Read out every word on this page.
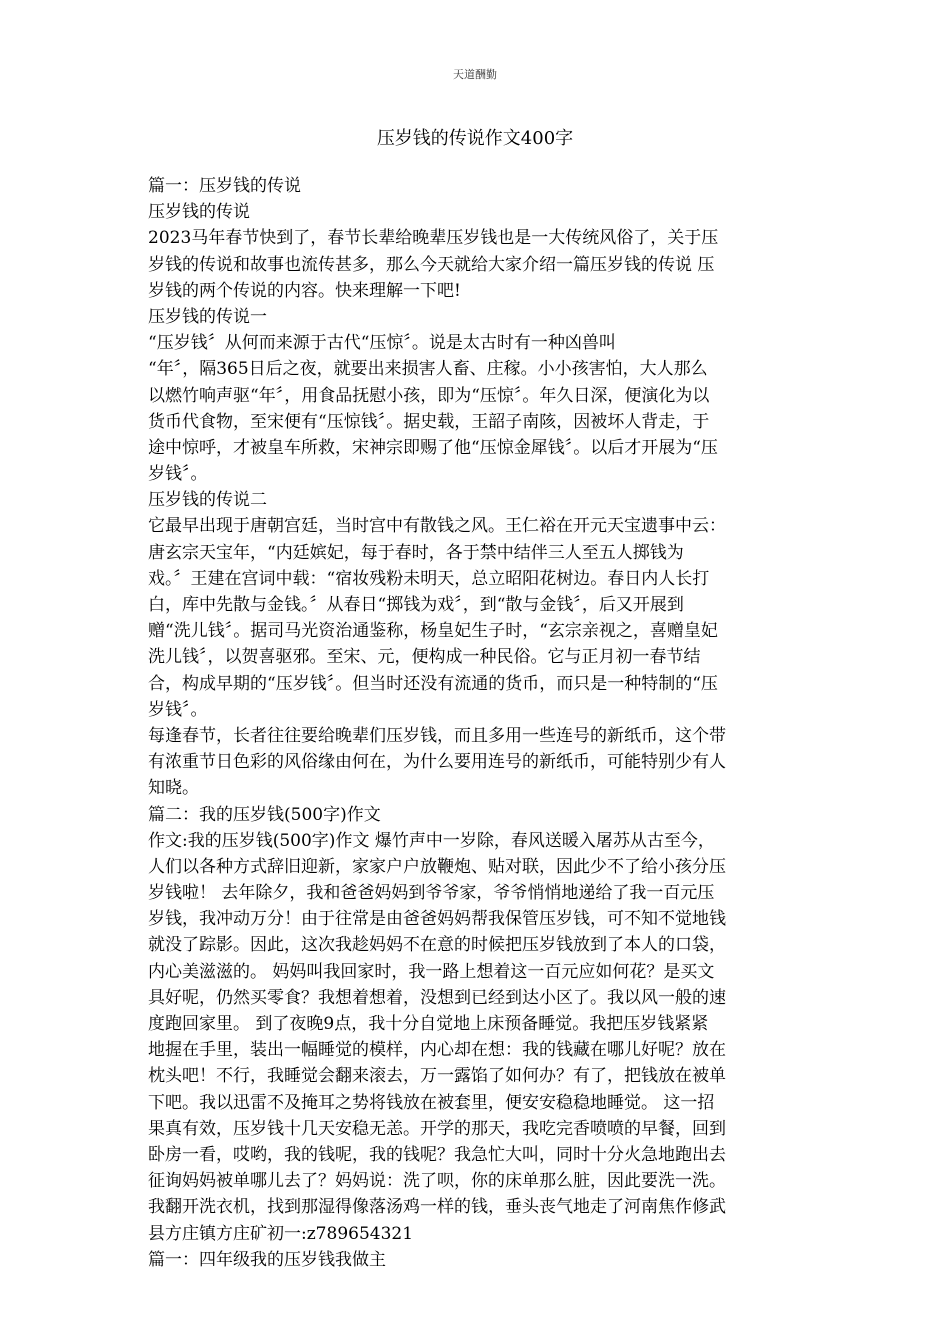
天道酬勤
压岁钱的传说作文400字
篇一：压岁钱的传说
压岁钱的传说
2023马年春节快到了，春节长辈给晚辈压岁钱也是一大传统风俗了，关于压
岁钱的传说和故事也流传甚多，那么今天就给大家介绍一篇压岁钱的传说 压
岁钱的两个传说的内容。快来理解一下吧!
压岁钱的传说一
“压岁钱〞从何而来源于古代“压惊〞。说是太古时有一种凶兽叫
“年〞，隔365日后之夜，就要出来损害人畜、庄稼。小小孩害怕，大人那么
以燃竹响声驱“年〞，用食品抚慰小孩，即为“压惊〞。年久日深，便演化为以
货币代食物，至宋便有“压惊钱〞。据史载，王韶子南陔，因被坏人背走，于
途中惊呼，才被皇车所救，宋神宗即赐了他“压惊金犀钱〞。以后才开展为“压
岁钱〞。
压岁钱的传说二
它最早出现于唐朝宫廷，当时宫中有散钱之风。王仁裕在开元天宝遗事中云：
唐玄宗天宝年，“内廷嫔妃，每于春时，各于禁中结伴三人至五人掷钱为
戏。〞王建在宫词中载：“宿妆残粉未明天，总立昭阳花树边。春日内人长打
白，库中先散与金钱。〞从春日“掷钱为戏〞，到“散与金钱〞，后又开展到
赠“洗儿钱〞。据司马光资治通鉴称，杨皇妃生子时，“玄宗亲视之，喜赠皇妃
洗儿钱〞，以贺喜驱邪。至宋、元，便构成一种民俗。它与正月初一春节结
合，构成早期的“压岁钱〞。但当时还没有流通的货币，而只是一种特制的“压
岁钱〞。
每逢春节，长者往往要给晚辈们压岁钱，而且多用一些连号的新纸币，这个带
有浓重节日色彩的风俗缘由何在，为什么要用连号的新纸币，可能特别少有人
知晓。
篇二：我的压岁钱(500字)作文
作文:我的压岁钱(500字)作文 爆竹声中一岁除，春风送暖入屠苏从古至今，
人们以各种方式辞旧迎新，家家户户放鞭炮、贴对联，因此少不了给小孩分压
岁钱啦！ 去年除夕，我和爸爸妈妈到爷爷家，爷爷悄悄地递给了我一百元压
岁钱，我冲动万分！由于往常是由爸爸妈妈帮我保管压岁钱，可不知不觉地钱
就没了踪影。因此，这次我趁妈妈不在意的时候把压岁钱放到了本人的口袋，
内心美滋滋的。 妈妈叫我回家时，我一路上想着这一百元应如何花？是买文
具好呢，仍然买零食？我想着想着，没想到已经到达小区了。我以风一般的速
度跑回家里。 到了夜晚9点，我十分自觉地上床预备睡觉。我把压岁钱紧紧
地握在手里，装出一幅睡觉的模样，内心却在想：我的钱藏在哪儿好呢？放在
枕头吧！不行，我睡觉会翻来滚去，万一露馅了如何办？有了，把钱放在被单
下吧。我以迅雷不及掩耳之势将钱放在被套里，便安安稳稳地睡觉。 这一招
果真有效，压岁钱十几天安稳无恙。开学的那天，我吃完香喷喷的早餐，回到
卧房一看，哎哟，我的钱呢，我的钱呢？我急忙大叫，同时十分火急地跑出去
征询妈妈被单哪儿去了？妈妈说：洗了呗，你的床单那么脏，因此要洗一洗。
我翻开洗衣机，找到那湿得像落汤鸡一样的钱，垂头丧气地走了河南焦作修武
县方庄镇方庄矿初一:z789654321
篇一：四年级我的压岁钱我做主
